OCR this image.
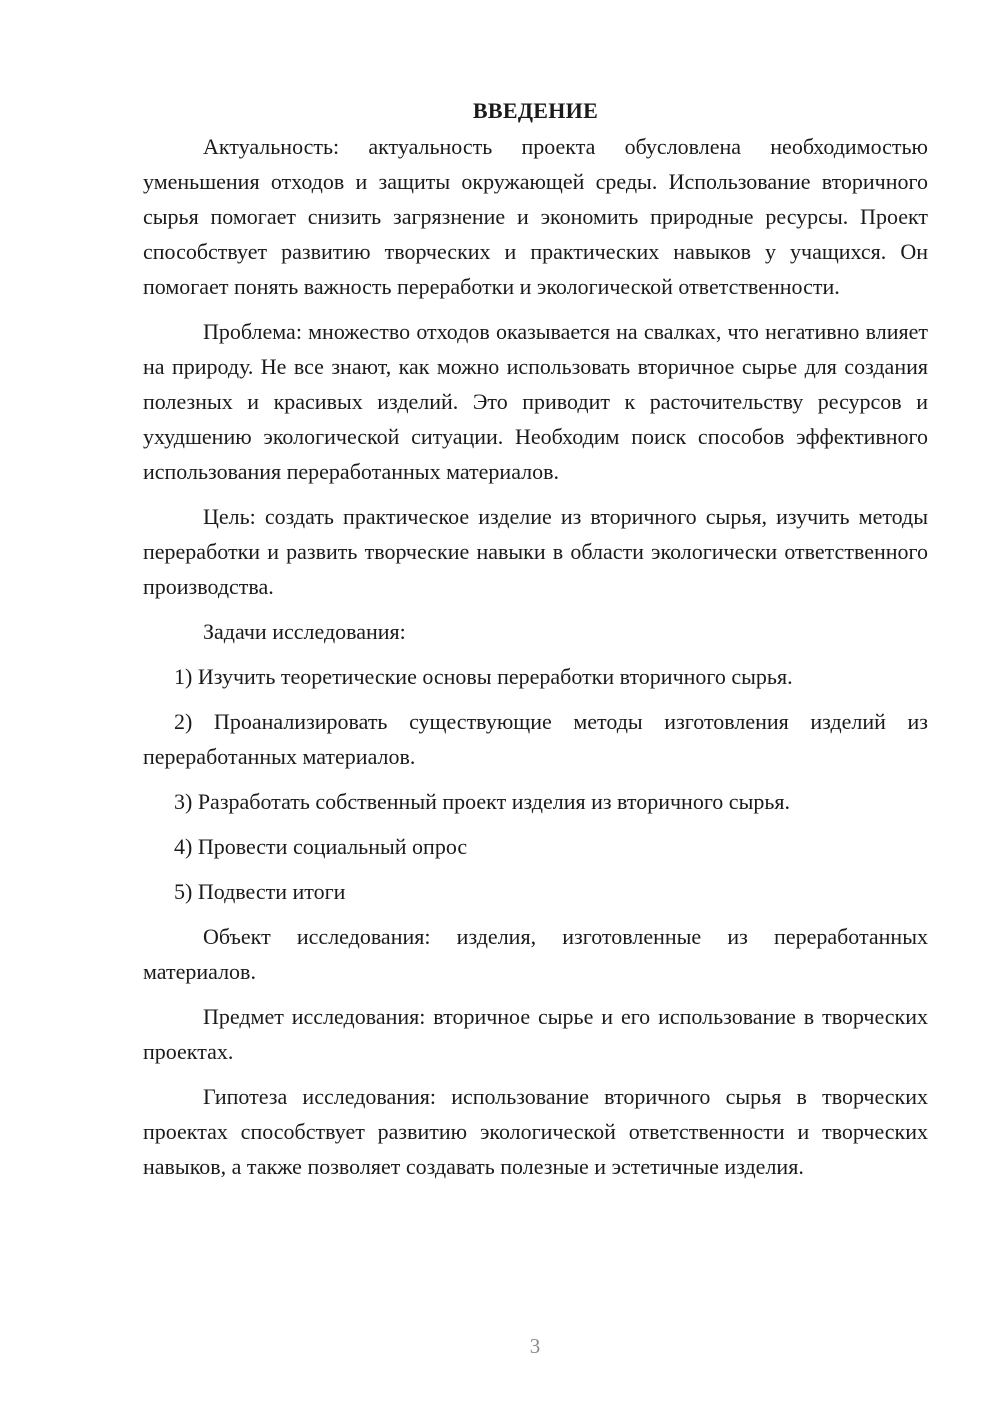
ВВЕДЕНИЕ

Актуальность: актуальность проекта обусловлена необходимостью уменьшения отходов и защиты окружающей среды. Использование вторичного сырья помогает снизить загрязнение и экономить природные ресурсы. Проект способствует развитию творческих и практических навыков у учащихся. Он помогает понять важность переработки и экологической ответственности.

Проблема: множество отходов оказывается на свалках, что негативно влияет на природу. Не все знают, как можно использовать вторичное сырье для создания полезных и красивых изделий. Это приводит к расточительству ресурсов и ухудшению экологической ситуации. Необходим поиск способов эффективного использования переработанных материалов.

Цель: создать практическое изделие из вторичного сырья, изучить методы переработки и развить творческие навыки в области экологически ответственного производства.

Задачи исследования:

1) Изучить теоретические основы переработки вторичного сырья.

2) Проанализировать существующие методы изготовления изделий из переработанных материалов.

3) Разработать собственный проект изделия из вторичного сырья.

4) Провести социальный опрос

5) Подвести итоги

Объект исследования: изделия, изготовленные из переработанных материалов.

Предмет исследования: вторичное сырье и его использование в творческих проектах.

Гипотеза исследования: использование вторичного сырья в творческих проектах способствует развитию экологической ответственности и творческих навыков, а также позволяет создавать полезные и эстетичные изделия.

3
